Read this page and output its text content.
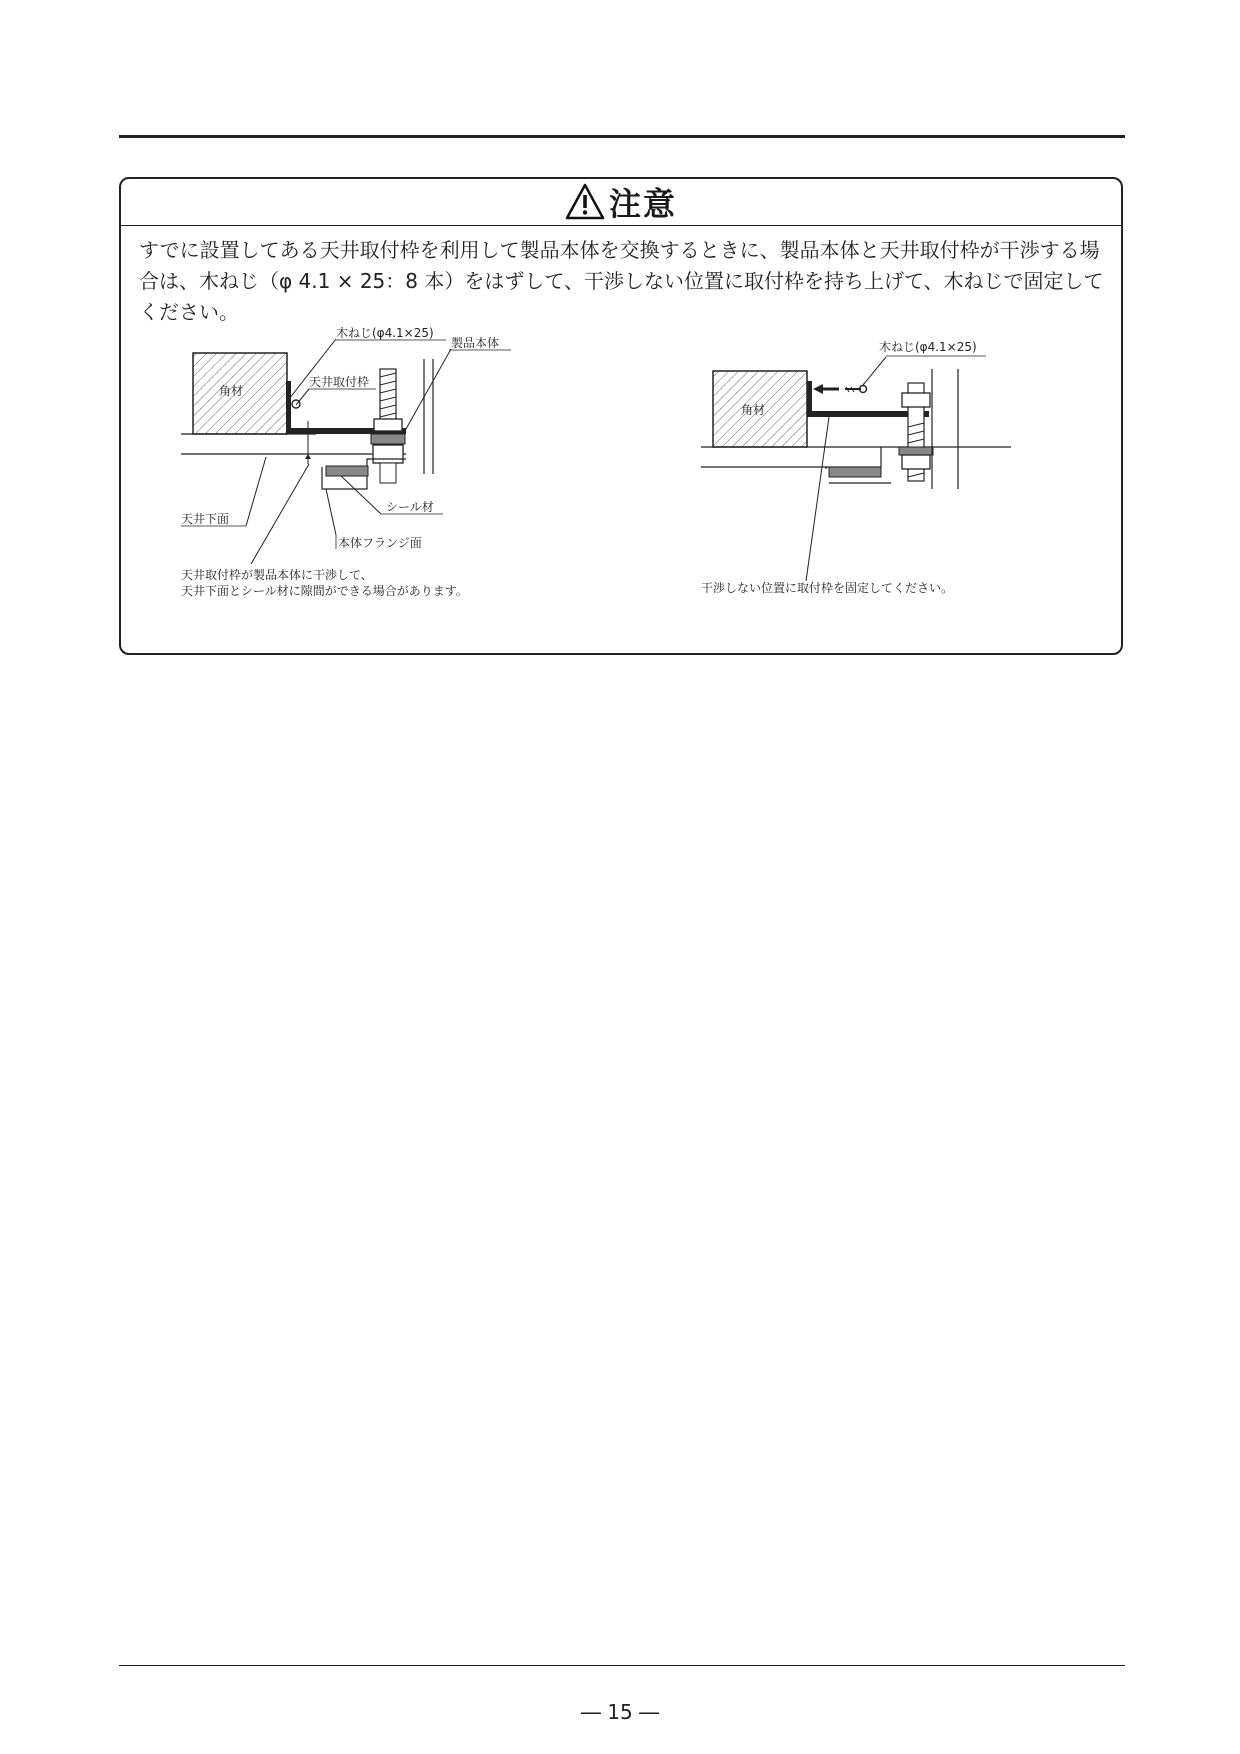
注意
すでに設置してある天井取付枠を利用して製品本体を交換するときに、製品本体と天井取付枠が干渉する場合は、木ねじ（φ 4.1 × 25：8 本）をはずして、干渉しない位置に取付枠を持ち上げて、木ねじで固定してください。
角材
木ねじ(φ4.1×25)
製品本体
天井取付枠
天井下面
シール材
本体フランジ面
天井取付枠が製品本体に干渉して、
天井下面とシール材に隙間ができる場合があります。
角材
木ねじ(φ4.1×25)
干渉しない位置に取付枠を固定してください。
― 15 ―
